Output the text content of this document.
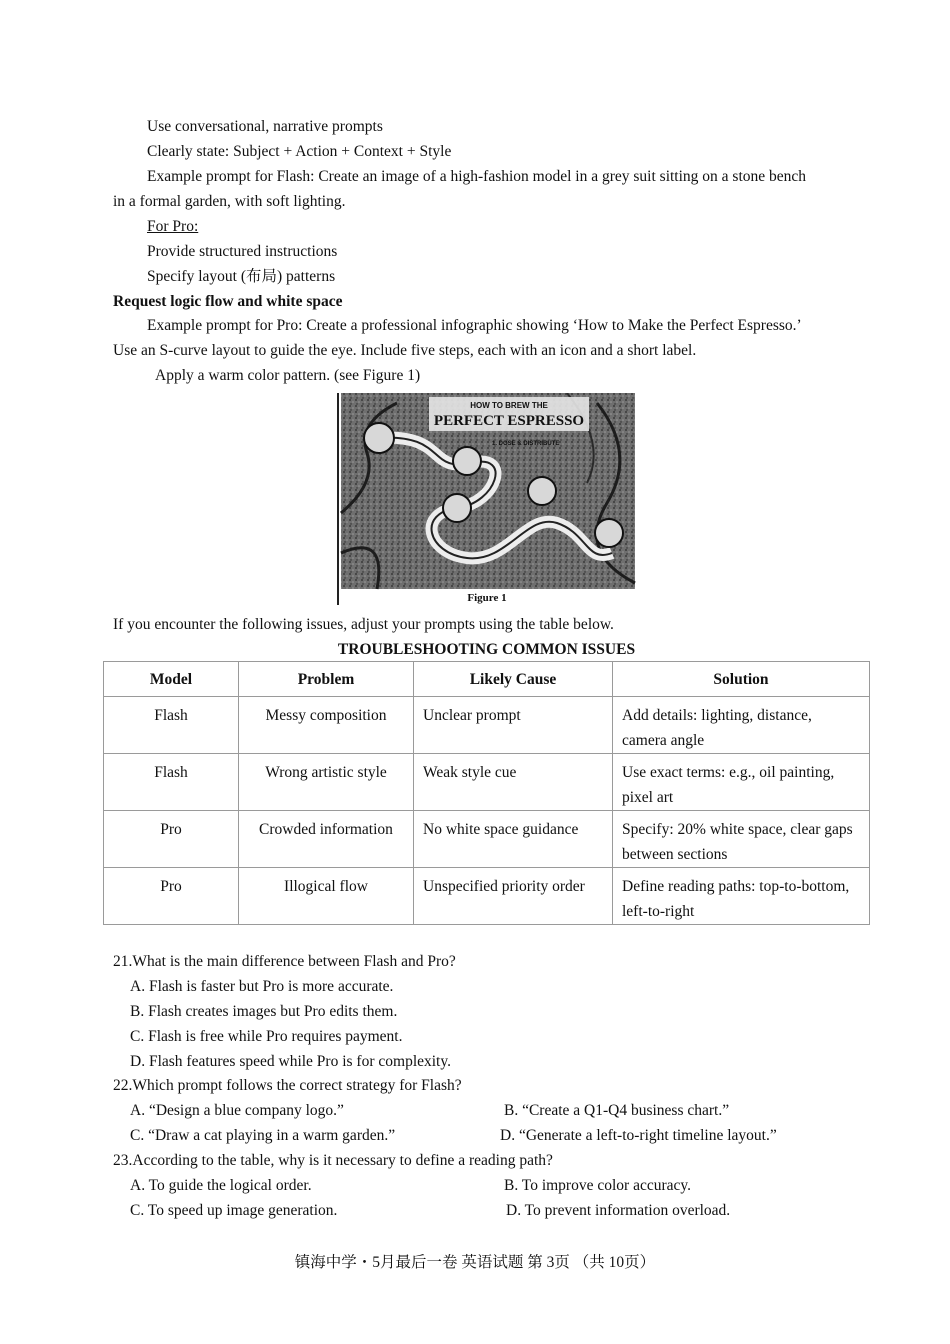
Use conversational, narrative prompts
Clearly state: Subject + Action + Context + Style
Example prompt for Flash: Create an image of a high-fashion model in a grey suit sitting on a stone bench
in a formal garden, with soft lighting.
For Pro:
Provide structured instructions
Specify layout (布局) patterns
Request logic flow and white space
Example prompt for Pro: Create a professional infographic showing ‘How to Make the Perfect Espresso.’
Use an S-curve layout to guide the eye. Include five steps, each with an icon and a short label.
Apply a warm color pattern. (see Figure 1)
HOW TO BREW THE
PERFECT ESPRESSO
1. DOSE & DISTRIBUTE
Figure 1
If you encounter the following issues, adjust your prompts using the table below.
TROUBLESHOOTING COMMON ISSUES
Model	Problem	Likely Cause	Solution
Flash	Messy composition	Unclear prompt	Add details: lighting, distance, camera angle
Flash	Wrong artistic style	Weak style cue	Use exact terms: e.g., oil painting, pixel art
Pro	Crowded information	No white space guidance	Specify: 20% white space, clear gaps between sections
Pro	Illogical flow	Unspecified priority order	Define reading paths: top-to-bottom, left-to-right
21.What is the main difference between Flash and Pro?
A. Flash is faster but Pro is more accurate.
B. Flash creates images but Pro edits them.
C. Flash is free while Pro requires payment.
D. Flash features speed while Pro is for complexity.
22.Which prompt follows the correct strategy for Flash?
A. “Design a blue company logo.”	B. “Create a Q1-Q4 business chart.”
C. “Draw a cat playing in a warm garden.”	D. “Generate a left-to-right timeline layout.”
23.According to the table, why is it necessary to define a reading path?
A. To guide the logical order.	B. To improve color accuracy.
C. To speed up image generation.	D. To prevent information overload.
镇海中学・5月最后一卷 英语试题 第 3页 （共 10页）
